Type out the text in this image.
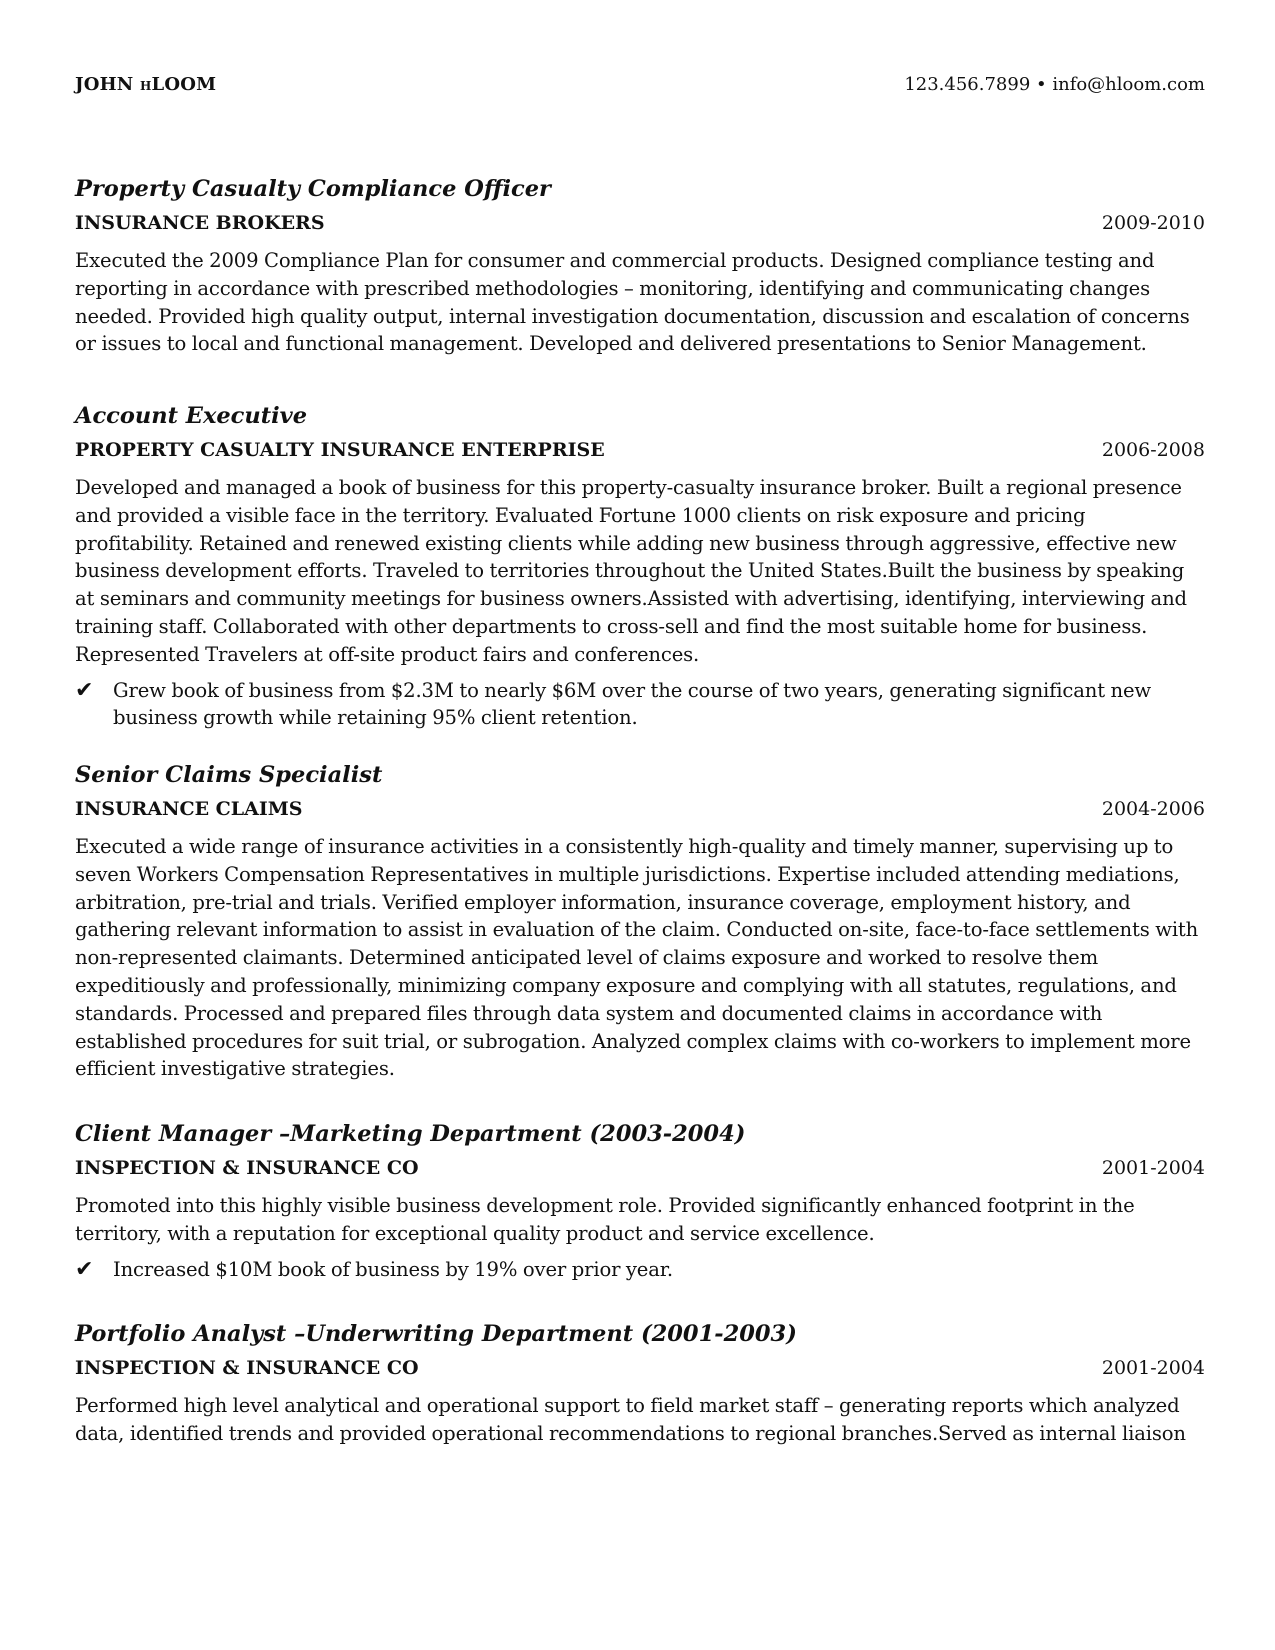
JOHN HLOOM	123.456.7899 • info@hloom.com
Property Casualty Compliance Officer
INSURANCE BROKERS	2009-2010

Executed the 2009 Compliance Plan for consumer and commercial products. Designed compliance testing and reporting in accordance with prescribed methodologies – monitoring, identifying and communicating changes needed. Provided high quality output, internal investigation documentation, discussion and escalation of concerns or issues to local and functional management. Developed and delivered presentations to Senior Management.

Account Executive
PROPERTY CASUALTY INSURANCE ENTERPRISE	2006-2008

Developed and managed a book of business for this property-casualty insurance broker. Built a regional presence and provided a visible face in the territory. Evaluated Fortune 1000 clients on risk exposure and pricing profitability. Retained and renewed existing clients while adding new business through aggressive, effective new business development efforts. Traveled to territories throughout the United States.Built the business by speaking at seminars and community meetings for business owners.Assisted with advertising, identifying, interviewing and training staff. Collaborated with other departments to cross-sell and find the most suitable home for business. Represented Travelers at off-site product fairs and conferences.

✔	Grew book of business from $2.3M to nearly $6M over the course of two years, generating significant new business growth while retaining 95% client retention.
Senior Claims Specialist
INSURANCE CLAIMS	2004-2006

Executed a wide range of insurance activities in a consistently high-quality and timely manner, supervising up to seven Workers Compensation Representatives in multiple jurisdictions. Expertise included attending mediations, arbitration, pre-trial and trials. Verified employer information, insurance coverage, employment history, and gathering relevant information to assist in evaluation of the claim. Conducted on-site, face-to-face settlements with non-represented claimants. Determined anticipated level of claims exposure and worked to resolve them expeditiously and professionally, minimizing company exposure and complying with all statutes, regulations, and standards. Processed and prepared files through data system and documented claims in accordance with established procedures for suit trial, or subrogation. Analyzed complex claims with co-workers to implement more efficient investigative strategies.

Client Manager –Marketing Department (2003-2004)
INSPECTION & INSURANCE CO	2001-2004

Promoted into this highly visible business development role. Provided significantly enhanced footprint in the territory, with a reputation for exceptional quality product and service excellence.

✔	Increased $10M book of business by 19% over prior year.
Portfolio Analyst –Underwriting Department (2001-2003)
INSPECTION & INSURANCE CO	2001-2004

Performed high level analytical and operational support to field market staff – generating reports which analyzed data, identified trends and provided operational recommendations to regional branches.Served as internal liaison
